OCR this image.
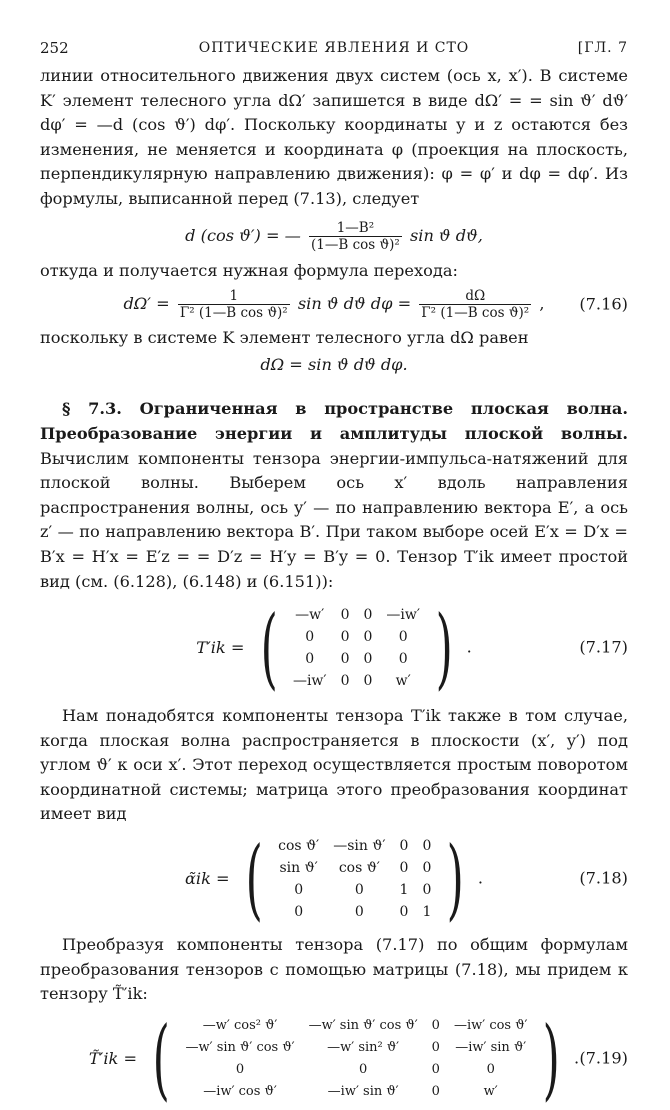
252	ОПТИЧЕСКИЕ ЯВЛЕНИЯ И СТО	[ГЛ. 7

линии относительного движения двух систем (ось x, x′). В системе K′ элемент телесного угла dΩ′ запишется в виде dΩ′ = = sin ϑ′ dϑ′ dφ′ = —d (cos ϑ′) dφ′. Поскольку координаты y и z остаются без изменения, не меняется и координата φ (проекция на плоскость, перпендикулярную направлению движения): φ = φ′ и dφ = dφ′. Из формулы, выписанной перед (7.13), следует

d (cos ϑ′) = — $\frac{\text{1—B²}}{\text{(1—B cos ϑ)²}}$ sin ϑ dϑ,

откуда и получается нужная формула перехода:

$d\Omega' = \frac{1}{\text{Γ² (1—B cos ϑ)²}}$ sin ϑ dϑ $d\varphi = \frac{d\Omega}{\text{Γ² (1—B cos ϑ)²}}$ , (7.16)

поскольку в системе K элемент телесного угла dΩ равен

dΩ = sin ϑ dϑ dφ.

§ 7.3. Ограниченная в пространстве плоская волна. Преобразование энергии и амплитуды плоской волны. Вычислим компоненты тензора энергии-импульса-натяжений для плоской волны. Выберем ось x′ вдоль направления распространения волны, ось y′ — по направлению вектора E′, а ось z′ — по направлению вектора B′. При таком выборе осей E′x = D′x = B′x = H′x = E′z = = D′z = H′y = B′y = 0. Тензор T′ik имеет простой вид (см. (6.128), (6.148) и (6.151)):

T′ik = ( —w′	0	0	—iw′
0	0	0	0
0	0	0	0
—iw′	0	0	w′ ) .	(7.17)

Нам понадобятся компоненты тензора T′ik также в том случае, когда плоская волна распространяется в плоскости (x′, y′) под углом ϑ′ к оси x′. Этот переход осуществляется простым поворотом координатной системы; матрица этого преобразования координат имеет вид

α̃ik = ( cos ϑ′	—sin ϑ′	0	0
sin ϑ′	cos ϑ′	0	0
0	0	1	0
0	0	0	1 ) .	(7.18)

Преобразуя компоненты тензора (7.17) по общим формулам преобразования тензоров с помощью матрицы (7.18), мы придем к тензору T̃′ik:

T̃′ik = (	—w′ cos² ϑ′	—w′ sin ϑ′ cos ϑ′	0	—iw′ cos ϑ′
—w′ sin ϑ′ cos ϑ′	—w′ sin² ϑ′	0	—iw′ sin ϑ′
0	0	0	0
—iw′ cos ϑ′	—iw′ sin ϑ′	0	w′ ) . (7.19)
